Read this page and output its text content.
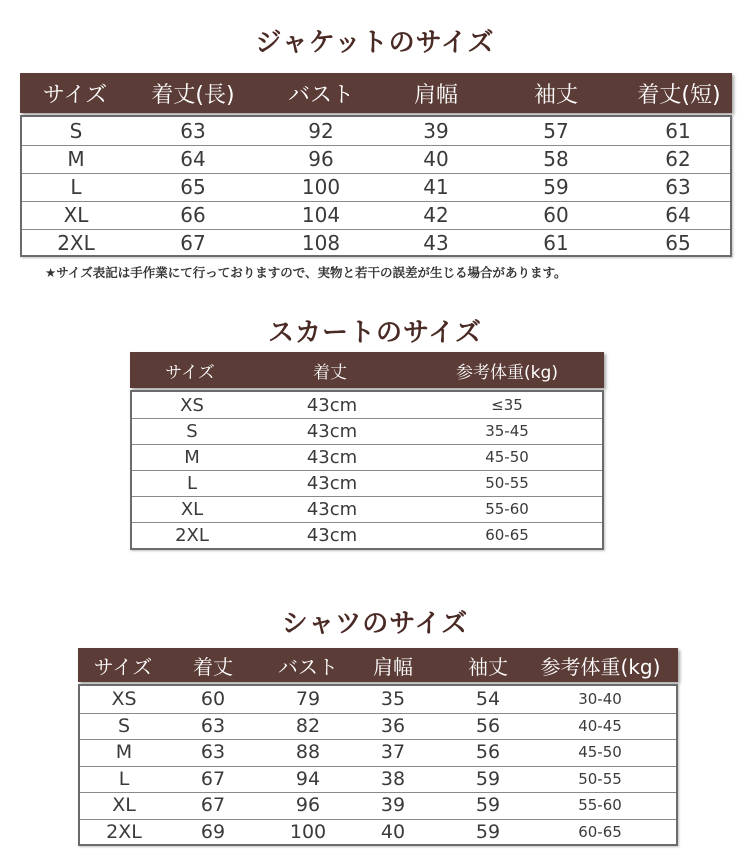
ジャケットのサイズ
サイズ	着丈(長)	バスト	肩幅	袖丈	着丈(短)
S	63	92	39	57	61
M	64	96	40	58	62
L	65	100	41	59	63
XL	66	104	42	60	64
2XL	67	108	43	61	65
★サイズ表記は手作業にて行っておりますので、実物と若干の誤差が生じる場合があります。
スカートのサイズ
サイズ	着丈	参考体重(kg)
XS	43cm	≤35
S	43cm	35-45
M	43cm	45-50
L	43cm	50-55
XL	43cm	55-60
2XL	43cm	60-65
シャツのサイズ
サイズ	着丈	バスト	肩幅	袖丈	参考体重(kg)
XS	60	79	35	54	30-40
S	63	82	36	56	40-45
M	63	88	37	56	45-50
L	67	94	38	59	50-55
XL	67	96	39	59	55-60
2XL	69	100	40	59	60-65
